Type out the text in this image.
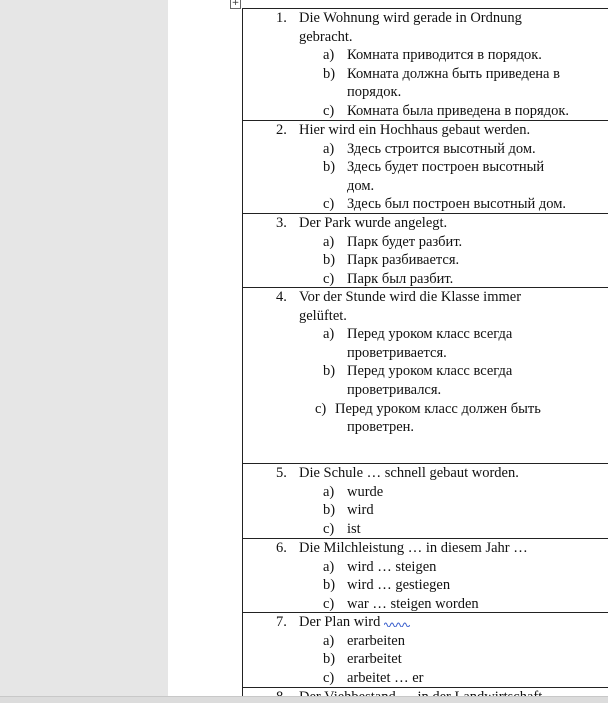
+
1. Die Wohnung wird gerade in Ordnung
gebracht.
a) Комната приводится в порядок.
b) Комната должна быть приведена в
порядок.
c) Комната была приведена в порядок.
2. Hier wird ein Hochhaus gebaut werden.
a) Здесь строится высотный дом.
b) Здесь будет построен высотный
дом.
c) Здесь был построен высотный дом.
3. Der Park wurde angelegt.
a) Парк будет разбит.
b) Парк разбивается.
c) Парк был разбит.
4. Vor der Stunde wird die Klasse immer
gelüftet.
a) Перед уроком класс всегда
проветривается.
b) Перед уроком класс всегда
проветривался.
c) Перед уроком класс должен быть
проветрен.
5. Die Schule … schnell gebaut worden.
a) wurde
b) wird
c) ist
6. Die Milchleistung … in diesem Jahr …
a) wird … steigen
b) wird … gestiegen
c) war … steigen worden
7. Der Plan wird
a) erarbeiten
b) erarbeitet
c) arbeitet … er
